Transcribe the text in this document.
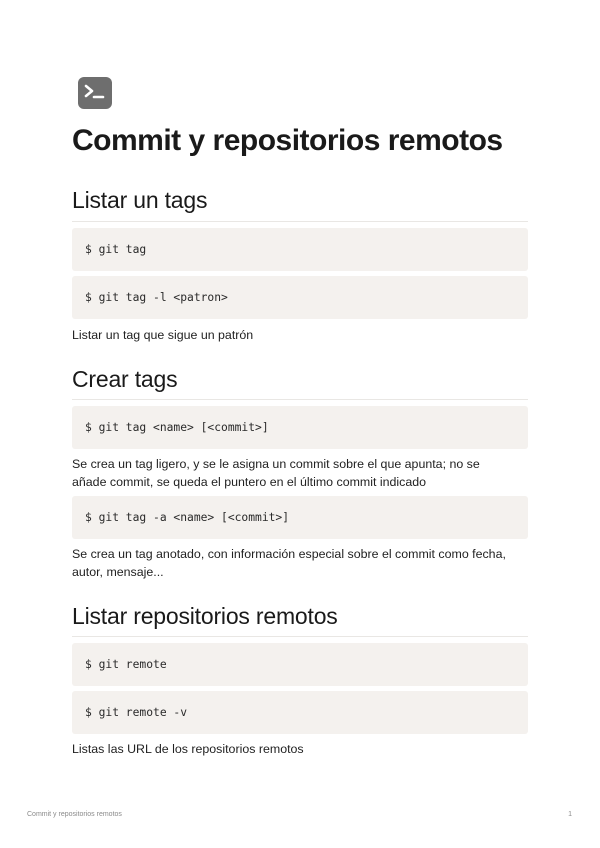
Commit y repositorios remotos
Listar un tags
$ git tag
$ git tag -l <patron>

Listar un tag que sigue un patrón

Crear tags
$ git tag <name> [<commit>]

Se crea un tag ligero, y se le asigna un commit sobre el que apunta; no se
añade commit, se queda el puntero en el último commit indicado

$ git tag -a <name> [<commit>]

Se crea un tag anotado, con información especial sobre el commit como fecha,
autor, mensaje...

Listar repositorios remotos
$ git remote
$ git remote -v

Listas las URL de los repositorios remotos

Commit y repositorios remotos	1
